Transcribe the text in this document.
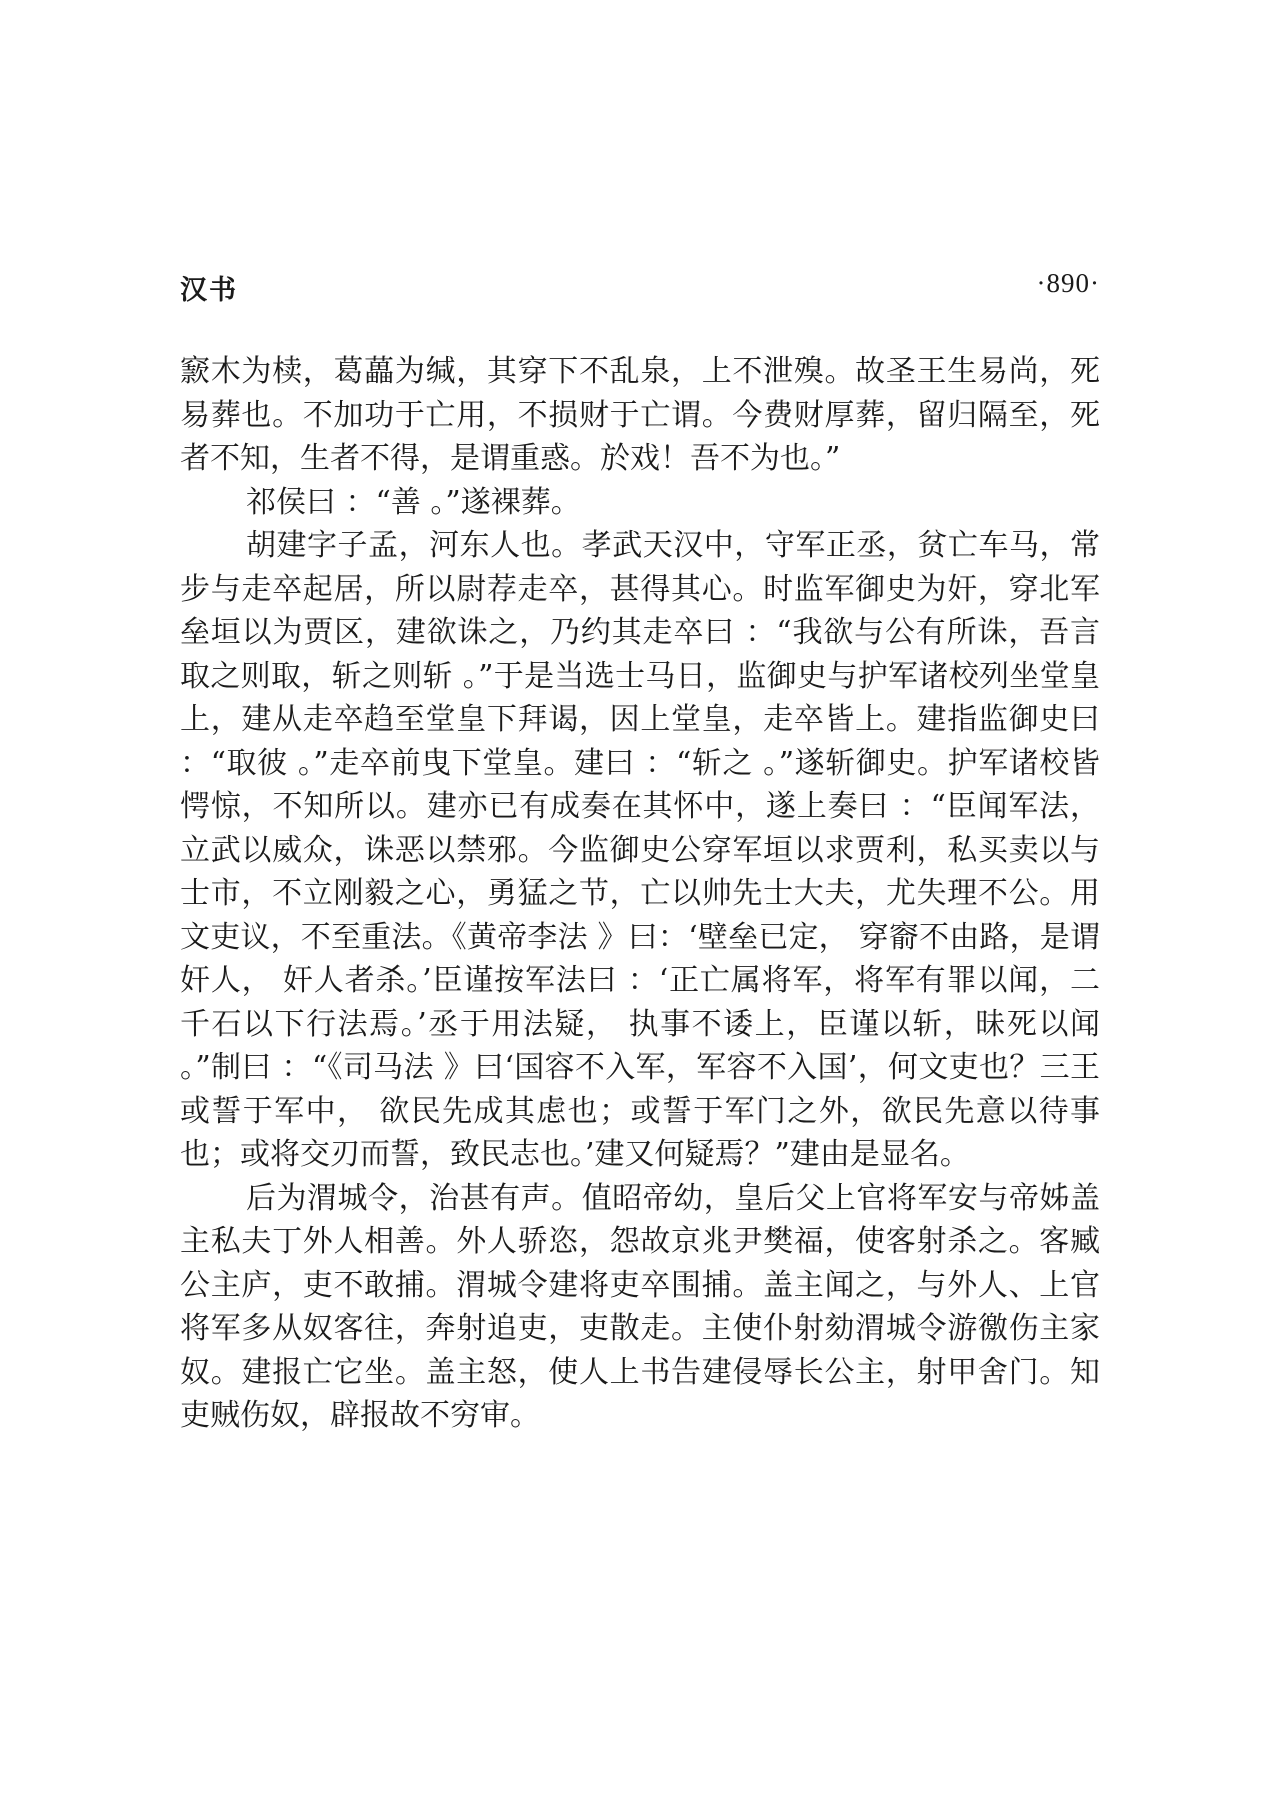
汉书	·890·

窾木为椟，葛藟为缄，其穿下不乱泉，上不泄殠。故圣王生易尚，死易葬也。不加功于亡用，不损财于亡谓。今费财厚葬，留归隔至，死者不知，生者不得，是谓重惑。於戏！吾不为也。”

祁侯曰 ：“善 。”遂裸葬。

胡建字子孟，河东人也。孝武天汉中，守军正丞，贫亡车马，常步与走卒起居，所以尉荐走卒，甚得其心。时监军御史为奸，穿北军垒垣以为贾区，建欲诛之，乃约其走卒曰 ：“我欲与公有所诛，吾言取之则取，斩之则斩 。”于是当选士马日，监御史与护军诸校列坐堂皇上，建从走卒趋至堂皇下拜谒，因上堂皇，走卒皆上。建指监御史曰 ：“取彼 。”走卒前曳下堂皇。建曰 ：“斩之 。”遂斩御史。护军诸校皆愕惊，不知所以。建亦已有成奏在其怀中，遂上奏曰 ：“臣闻军法，立武以威众，诛恶以禁邪。今监御史公穿军垣以求贾利，私买卖以与士市，不立刚毅之心，勇猛之节，亡以帅先士大夫，尤失理不公。用文吏议，不至重法。《黄帝李法 》曰：‘壁垒已定， 穿窬不由路，是谓奸人， 奸人者杀。’臣谨按军法曰 ：‘正亡属将军，将军有罪以闻，二千石以下行法焉。’丞于用法疑， 执事不诿上，臣谨以斩，昧死以闻 。”制曰 ：“《司马法 》曰‘国容不入军，军容不入国’，何文吏也？三王或誓于军中， 欲民先成其虑也；或誓于军门之外，欲民先意以待事也；或将交刃而誓，致民志也。’建又何疑焉？”建由是显名。

后为渭城令，治甚有声。值昭帝幼，皇后父上官将军安与帝姊盖主私夫丁外人相善。外人骄恣，怨故京兆尹樊福，使客射杀之。客臧公主庐，吏不敢捕。渭城令建将吏卒围捕。盖主闻之，与外人、上官将军多从奴客往，奔射追吏，吏散走。主使仆射劾渭城令游徼伤主家奴。建报亡它坐。盖主怒，使人上书告建侵辱长公主，射甲舍门。知吏贼伤奴，辟报故不穷审。
